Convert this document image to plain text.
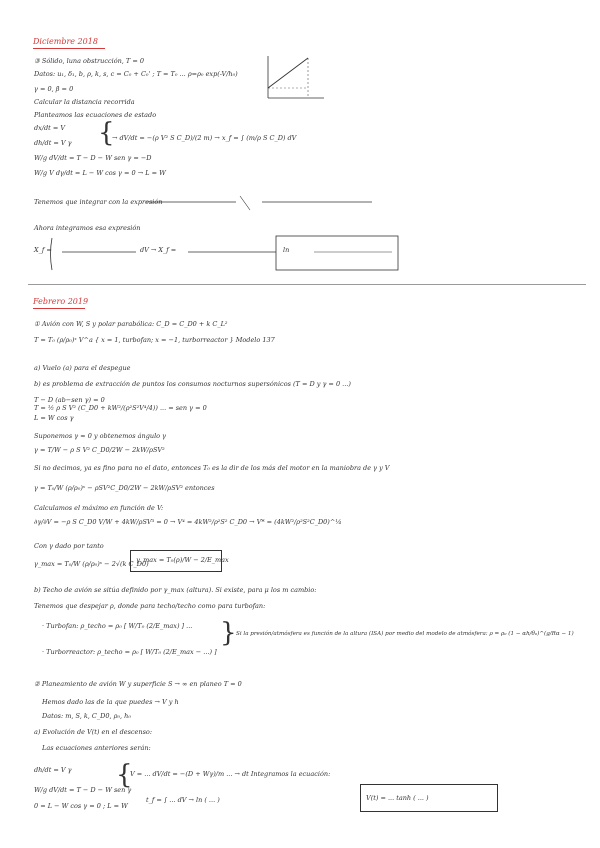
Diciembre 2018
③ Sólido, luna obstrucción, T = 0
Datos: u₁, δ₁, b, ρ, k, s, c = C₀ + C₀' ; T = T₀ ... ρ=ρ₀ exp(-V/h₀)
γ = 0, β = 0
Calcular la distancia recorrida
Planteamos las ecuaciones de estado
dx/dt = V
dh/dt = V γ
W/g dV/dt = T − D − W sen γ = −D
W/g V dγ/dt = L − W cos γ = 0 → L = W
{
→ dV/dt = −(ρ V² S C_D)/(2 m) → x_f = ∫ (m/ρ S C_D) dV
Tenemos que integrar con la expresión
Ahora integramos esa expresión
X_f =	dV → X_f =	ln
Febrero 2019
① Avión con W, S y polar parabólica: C_D = C_D0 + k C_L²
T = T₀ (ρ/ρ₀)ˣ V^a { x = 1, turbofan; x = −1, turborreactor } Modelo 137
a) Vuelo (a) para el despegue
b) es problema de extracción de puntos los consumos nocturnos supersónicos (T = D y γ = 0 ...)
T − D (ab−sen γ) = 0
T = ½ ρ S V² (C_D0 + kW²/(ρ²S²V⁴/4)) ... = sen γ = 0
L = W cos γ
Suponemos γ ≈ 0 y obtenemos ángulo γ
γ = T/W − ρ S V² C_D0/2W − 2kW/ρSV²
Si no decimos, ya es fino para no el dato, entonces T₀ es la dir de los más del motor en la maniobra de γ y V
γ = T₀/W (ρ/ρ₀)ˣ − ρSV²C_D0/2W − 2kW/ρSV² entonces
Calculamos el máximo en función de V:
∂γ/∂V = −ρ S C_D0 V/W + 4kW/ρSV³ = 0 → V⁴ = 4kW²/ρ²S² C_D0 → V* = (4kW²/ρ²S²C_D0)^¼
Con γ dado por tanto
γ_max = T₀/W (ρ/ρ₀)ˣ − 2√(k C_D0)
γ_max = T₀(ρ)/W − 2/E_max
b) Techo de avión se sitúa definido por γ_max (altura). Si existe, para μ los m cambio:
Tenemos que despejar ρ, donde para techo/techo como para turbofan:
· Turbofan: ρ_techo = ρ₀ [ W/T₀ (2/E_max) ] ...
· Turborreactor: ρ_techo = ρ₀ [ W/T₀ (2/E_max − ...) ]
} Si la presión/atmósfera es función de la altura (ISA) por medio del modelo de atmósfera: ρ = ρ₀ (1 − αh/θ₀)^(g/Rα − 1)
② Planeamiento de avión W y superficie S → ∞ en planeo T = 0
Hemos dado las de la que puedes → V y h
Datos: m, S, k, C_D0, ρ₀, h₀
a) Evolución de V(t) en el descenso:
Las ecuaciones anteriores serán:
dh/dt = V γ
W/g dV/dt = T − D − W sen γ
0 = L − W cos γ = 0 ; L = W
{
V = ... dV/dt = −(D + Wγ)/m ... → dt Integramos la ecuación:
t_f = ∫ ... dV → ln ( ... )	V(t) = ... tanh ( ... )
